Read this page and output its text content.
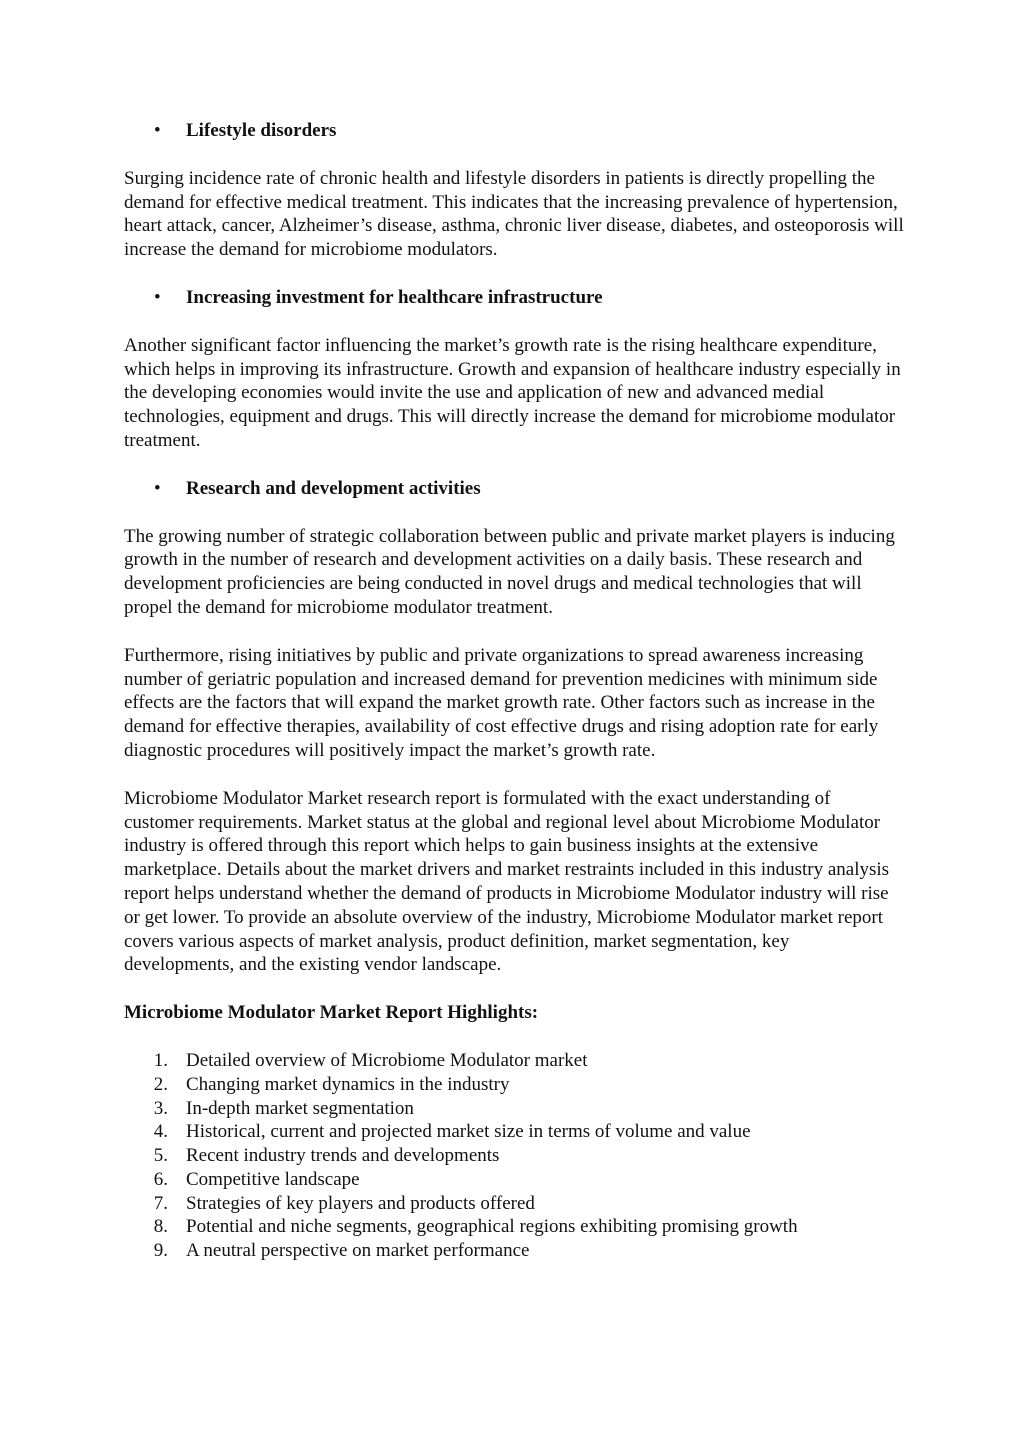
• Lifestyle disorders

Surging incidence rate of chronic health and lifestyle disorders in patients is directly propelling the demand for effective medical treatment. This indicates that the increasing prevalence of hypertension, heart attack, cancer, Alzheimer’s disease, asthma, chronic liver disease, diabetes, and osteoporosis will increase the demand for microbiome modulators.

• Increasing investment for healthcare infrastructure

Another significant factor influencing the market’s growth rate is the rising healthcare expenditure, which helps in improving its infrastructure. Growth and expansion of healthcare industry especially in the developing economies would invite the use and application of new and advanced medial technologies, equipment and drugs. This will directly increase the demand for microbiome modulator treatment.

• Research and development activities

The growing number of strategic collaboration between public and private market players is inducing growth in the number of research and development activities on a daily basis. These research and development proficiencies are being conducted in novel drugs and medical technologies that will propel the demand for microbiome modulator treatment.

Furthermore, rising initiatives by public and private organizations to spread awareness increasing number of geriatric population and increased demand for prevention medicines with minimum side effects are the factors that will expand the market growth rate. Other factors such as increase in the demand for effective therapies, availability of cost effective drugs and rising adoption rate for early diagnostic procedures will positively impact the market’s growth rate.

Microbiome Modulator Market research report is formulated with the exact understanding of customer requirements. Market status at the global and regional level about Microbiome Modulator industry is offered through this report which helps to gain business insights at the extensive marketplace. Details about the market drivers and market restraints included in this industry analysis report helps understand whether the demand of products in Microbiome Modulator industry will rise or get lower. To provide an absolute overview of the industry, Microbiome Modulator market report covers various aspects of market analysis, product definition, market segmentation, key developments, and the existing vendor landscape.

Microbiome Modulator Market Report Highlights:
1. Detailed overview of Microbiome Modulator market
2. Changing market dynamics in the industry
3. In-depth market segmentation
4. Historical, current and projected market size in terms of volume and value
5. Recent industry trends and developments
6. Competitive landscape
7. Strategies of key players and products offered
8. Potential and niche segments, geographical regions exhibiting promising growth
9. A neutral perspective on market performance
